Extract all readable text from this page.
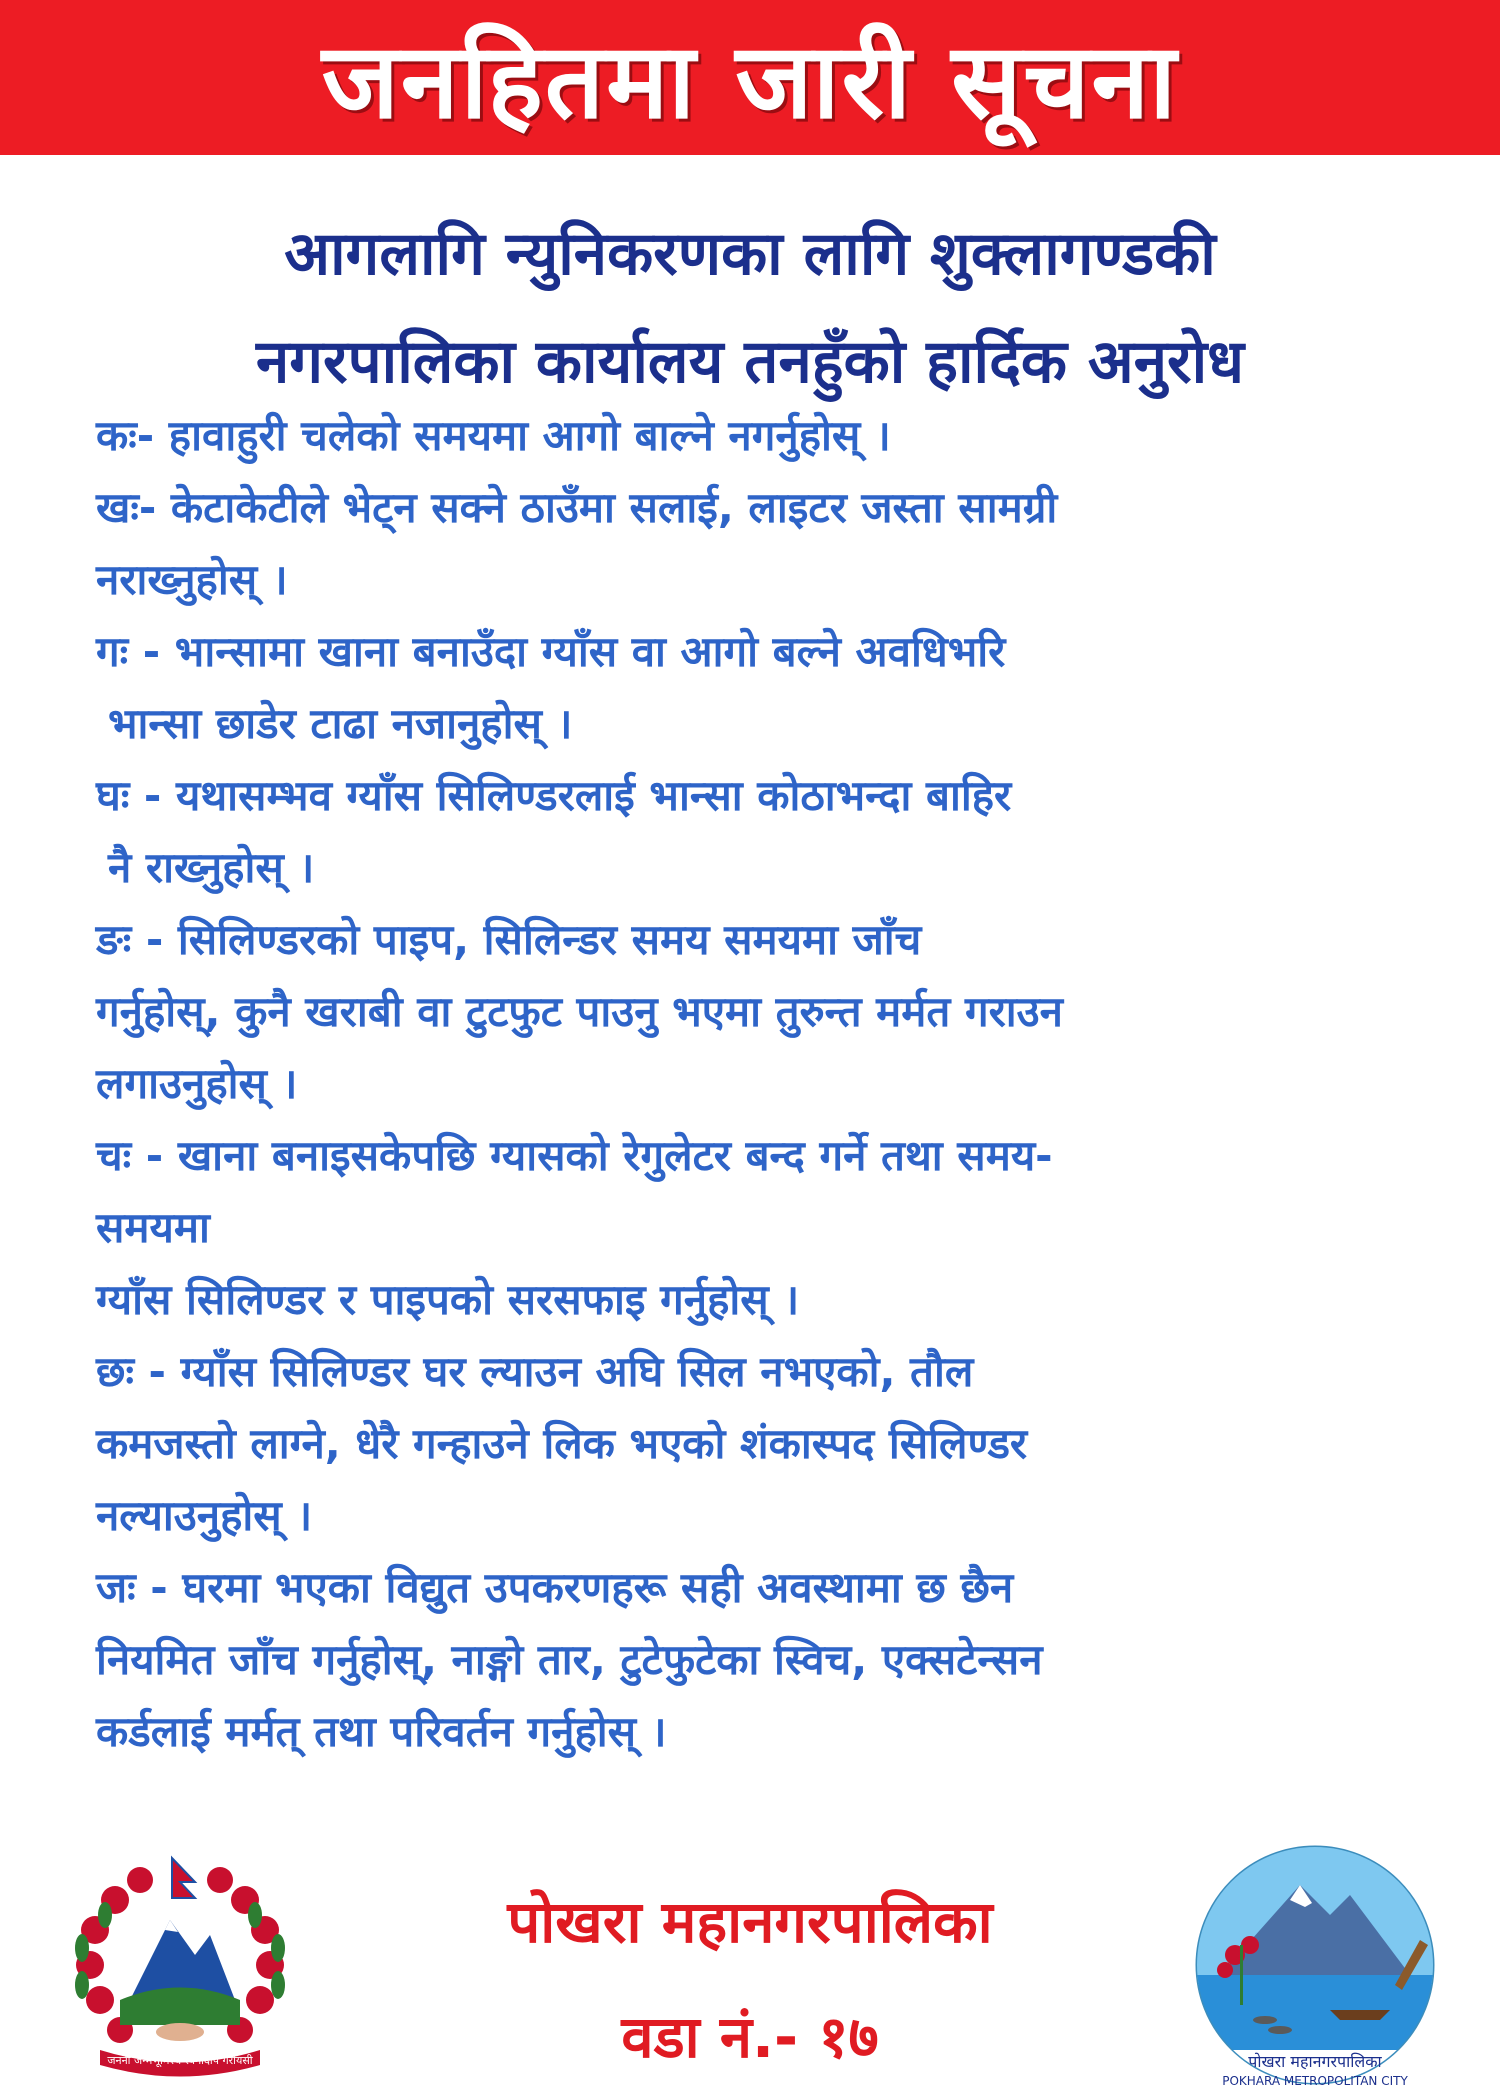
जनहितमा जारी सूचना
आगलागि न्युनिकरणका लागि शुक्लागण्डकी
नगरपालिका कार्यालय तनहुँको हार्दिक अनुरोध
कः- हावाहुरी चलेको समयमा आगो बाल्ने नगर्नुहोस् ।
खः- केटाकेटीले भेट्न सक्ने ठाउँमा सलाई, लाइटर जस्ता सामग्री
नराख्नुहोस् ।
गः - भान्सामा खाना बनाउँदा ग्याँस वा आगो बल्ने अवधिभरि
भान्सा छाडेर टाढा नजानुहोस् ।
घः - यथासम्भव ग्याँस सिलिण्डरलाई भान्सा कोठाभन्दा बाहिर
नै राख्नुहोस् ।
ङः - सिलिण्डरको पाइप, सिलिन्डर समय समयमा जाँच
गर्नुहोस्, कुनै खराबी वा टुटफुट पाउनु भएमा तुरुन्त मर्मत गराउन
लगाउनुहोस् ।
चः - खाना बनाइसकेपछि ग्यासको रेगुलेटर बन्द गर्ने तथा समय-
समयमा
ग्याँस सिलिण्डर र पाइपको सरसफाइ गर्नुहोस् ।
छः - ग्याँस सिलिण्डर घर ल्याउन अघि सिल नभएको, तौल
कमजस्तो लाग्ने, धेरै गन्हाउने लिक भएको शंकास्पद सिलिण्डर
नल्याउनुहोस् ।
जः - घरमा भएका विद्युत उपकरणहरू सही अवस्थामा छ छैन
नियमित जाँच गर्नुहोस्, नाङ्गो तार, टुटेफुटेका स्विच, एक्सटेन्सन
कर्डलाई मर्मत् तथा परिवर्तन गर्नुहोस् ।
जननी जन्मभूमिश्च स्वर्गादपि गरीयसी
पोखरा महानगरपालिका
वडा नं.- १७	पोखरा महानगरपालिका
POKHARA METROPOLITAN CITY
